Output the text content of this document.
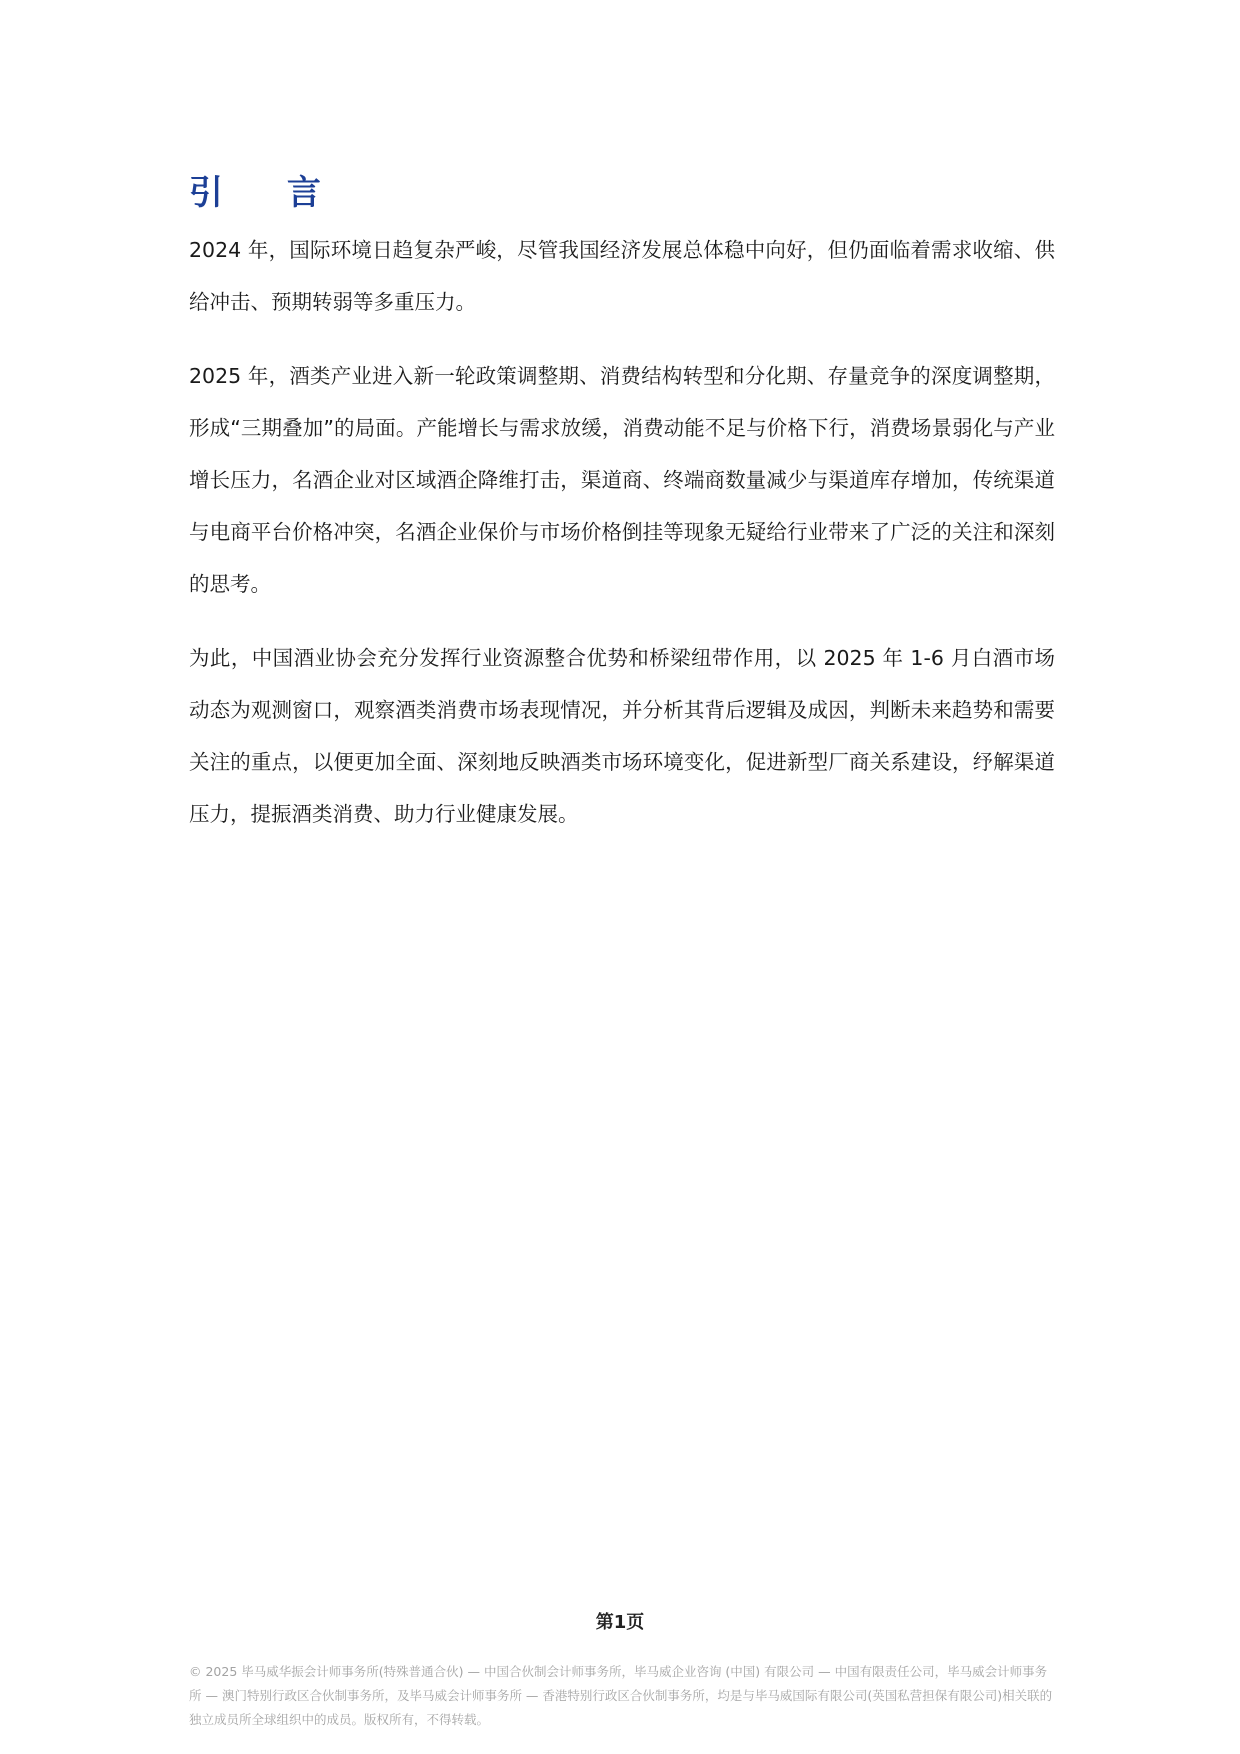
引 言

2024 年，国际环境日趋复杂严峻，尽管我国经济发展总体稳中向好，但仍面临着需求收缩、供给冲击、预期转弱等多重压力。

2025 年，酒类产业进入新一轮政策调整期、消费结构转型和分化期、存量竞争的深度调整期，形成“三期叠加”的局面。产能增长与需求放缓，消费动能不足与价格下行，消费场景弱化与产业增长压力，名酒企业对区域酒企降维打击，渠道商、终端商数量减少与渠道库存增加，传统渠道与电商平台价格冲突，名酒企业保价与市场价格倒挂等现象无疑给行业带来了广泛的关注和深刻的思考。

为此，中国酒业协会充分发挥行业资源整合优势和桥梁纽带作用，以 2025 年 1-6 月白酒市场动态为观测窗口，观察酒类消费市场表现情况，并分析其背后逻辑及成因，判断未来趋势和需要关注的重点，以便更加全面、深刻地反映酒类市场环境变化，促进新型厂商关系建设，纾解渠道压力，提振酒类消费、助力行业健康发展。

第1页

© 2025 毕马威华振会计师事务所(特殊普通合伙) — 中国合伙制会计师事务所，毕马威企业咨询 (中国) 有限公司 — 中国有限责任公司，毕马威会计师事务所 — 澳门特别行政区合伙制事务所，及毕马威会计师事务所 — 香港特别行政区合伙制事务所，均是与毕马威国际有限公司(英国私营担保有限公司)相关联的独立成员所全球组织中的成员。版权所有，不得转载。
